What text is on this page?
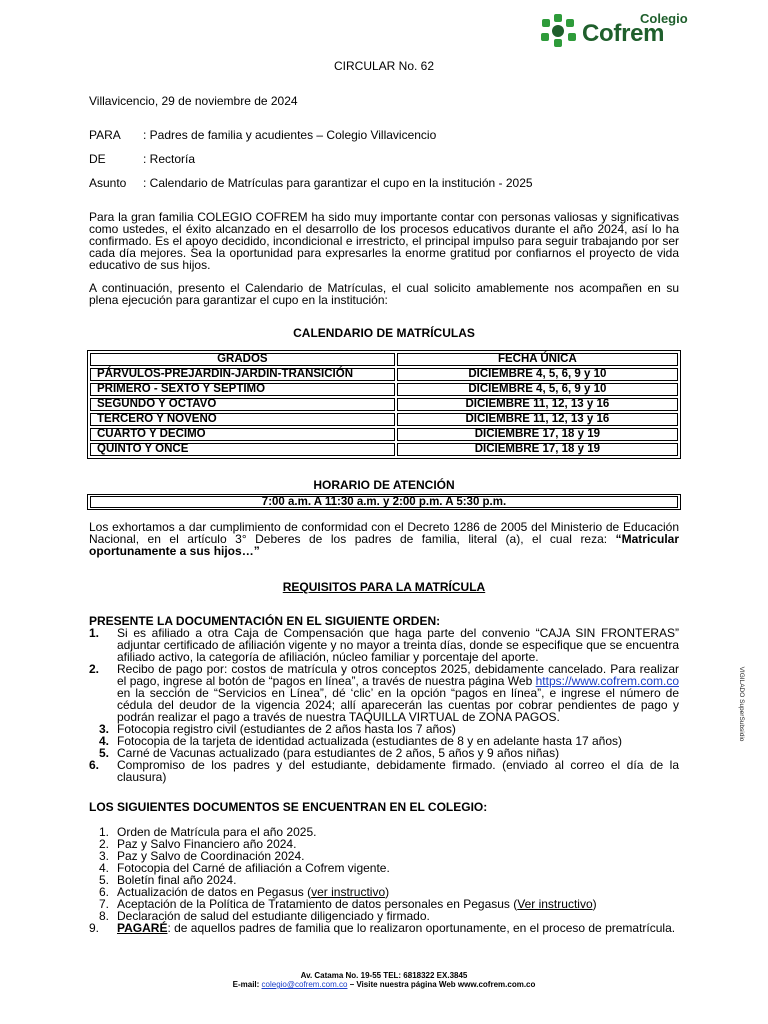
Colegio
Cofrem
CIRCULAR No. 62
Villavicencio, 29 de noviembre de 2024
PARA : Padres de familia y acudientes – Colegio Villavicencio
DE	: Rectoría
Asunto : Calendario de Matrículas para garantizar el cupo en la institución - 2025
Para la gran familia COLEGIO COFREM ha sido muy importante contar con personas valiosas y significativas como ustedes, el éxito alcanzado en el desarrollo de los procesos educativos durante el año 2024, así lo ha confirmado. Es el apoyo decidido, incondicional e irrestricto, el principal impulso para seguir trabajando por ser cada día mejores. Sea la oportunidad para expresarles la enorme gratitud por confiarnos el proyecto de vida educativo de sus hijos.
A continuación, presento el Calendario de Matrículas, el cual solicito amablemente nos acompañen en su plena ejecución para garantizar el cupo en la institución:
CALENDARIO DE MATRÍCULAS
GRADOS	FECHA ÚNICA
PÁRVULOS-PREJARDIN-JARDIN-TRANSICIÓN	DICIEMBRE 4, 5, 6, 9 y 10
PRIMERO - SEXTO Y SEPTIMO	DICIEMBRE 4, 5, 6, 9 y 10
SEGUNDO Y OCTAVO	DICIEMBRE 11, 12, 13 y 16
TERCERO Y NOVENO	DICIEMBRE 11, 12, 13 y 16
CUARTO Y DECIMO	DICIEMBRE 17, 18 y 19
QUINTO Y ONCE	DICIEMBRE 17, 18 y 19
HORARIO DE ATENCIÓN
7:00 a.m. A 11:30 a.m. y 2:00 p.m. A 5:30 p.m.
Los exhortamos a dar cumplimiento de conformidad con el Decreto 1286 de 2005 del Ministerio de Educación Nacional, en el artículo 3° Deberes de los padres de familia, literal (a), el cual reza: “Matricular oportunamente a sus hijos…”
REQUISITOS PARA LA MATRÍCULA
PRESENTE LA DOCUMENTACIÓN EN EL SIGUIENTE ORDEN:
1.	Si es afiliado a otra Caja de Compensación que haga parte del convenio “CAJA SIN FRONTERAS” adjuntar certificado de afiliación vigente y no mayor a treinta días, donde se especifique que se encuentra afiliado activo, la categoría de afiliación, núcleo familiar y porcentaje del aporte.
2.	Recibo de pago por: costos de matrícula y otros conceptos 2025, debidamente cancelado. Para realizar el pago, ingrese al botón de “pagos en línea”, a través de nuestra página Web https://www.cofrem.com.co en la sección de “Servicios en Línea”, dé ‘clic’ en la opción “pagos en línea”, e ingrese el número de cédula del deudor de la vigencia 2024; allí aparecerán las cuentas por cobrar pendientes de pago y podrán realizar el pago a través de nuestra TAQUILLA VIRTUAL de ZONA PAGOS.
3. Fotocopia registro civil (estudiantes de 2 años hasta los 7 años)
4. Fotocopia de la tarjeta de identidad actualizada (estudiantes de 8 y en adelante hasta 17 años)
5. Carné de Vacunas actualizado (para estudiantes de 2 años, 5 años y 9 años niñas)
6.	Compromiso de los padres y del estudiante, debidamente firmado. (enviado al correo el día de la clausura)
LOS SIGUIENTES DOCUMENTOS SE ENCUENTRAN EN EL COLEGIO:
1. Orden de Matrícula para el año 2025.
2. Paz y Salvo Financiero año 2024.
3. Paz y Salvo de Coordinación 2024.
4. Fotocopia del Carné de afiliación a Cofrem vigente.
5. Boletín final año 2024.
6. Actualización de datos en Pegasus (ver instructivo)
7. Aceptación de la Política de Tratamiento de datos personales en Pegasus (Ver instructivo)
8. Declaración de salud del estudiante diligenciado y firmado.
9.	PAGARÉ: de aquellos padres de familia que lo realizaron oportunamente, en el proceso de prematrícula.
Av. Catama No. 19-55 TEL: 6818322 EX.3845
E-mail: colegio@cofrem.com.co – Visite nuestra página Web www.cofrem.com.co
VIGILADO SuperSubsidio
